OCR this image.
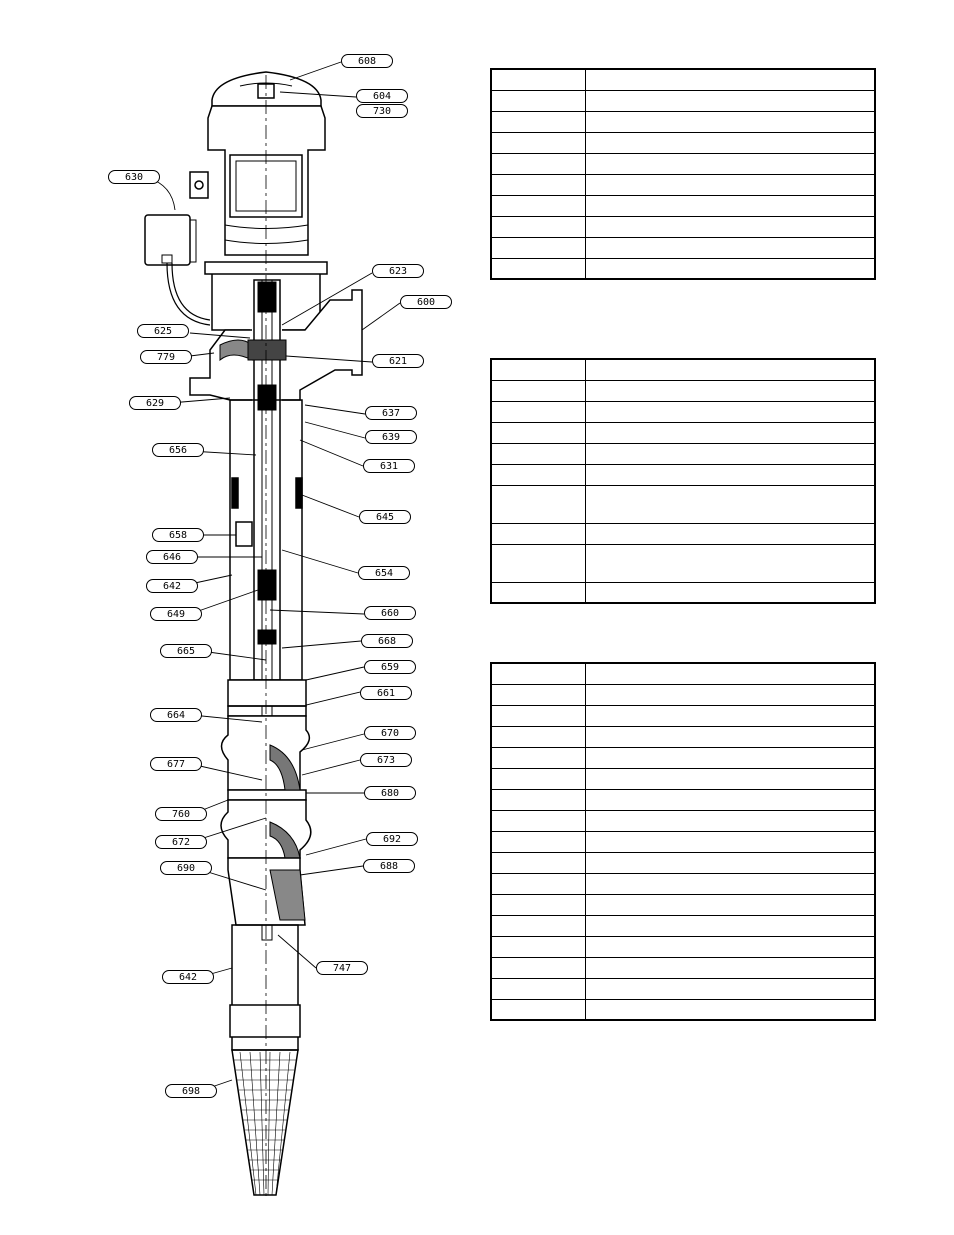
608
604
730
630
623
600
625
779	621
629
637
639
656
631
645
658
646
654
642
649	660
668
665
659
661
664
670
677	673
680
760
672	692
690	688
747
642
698
